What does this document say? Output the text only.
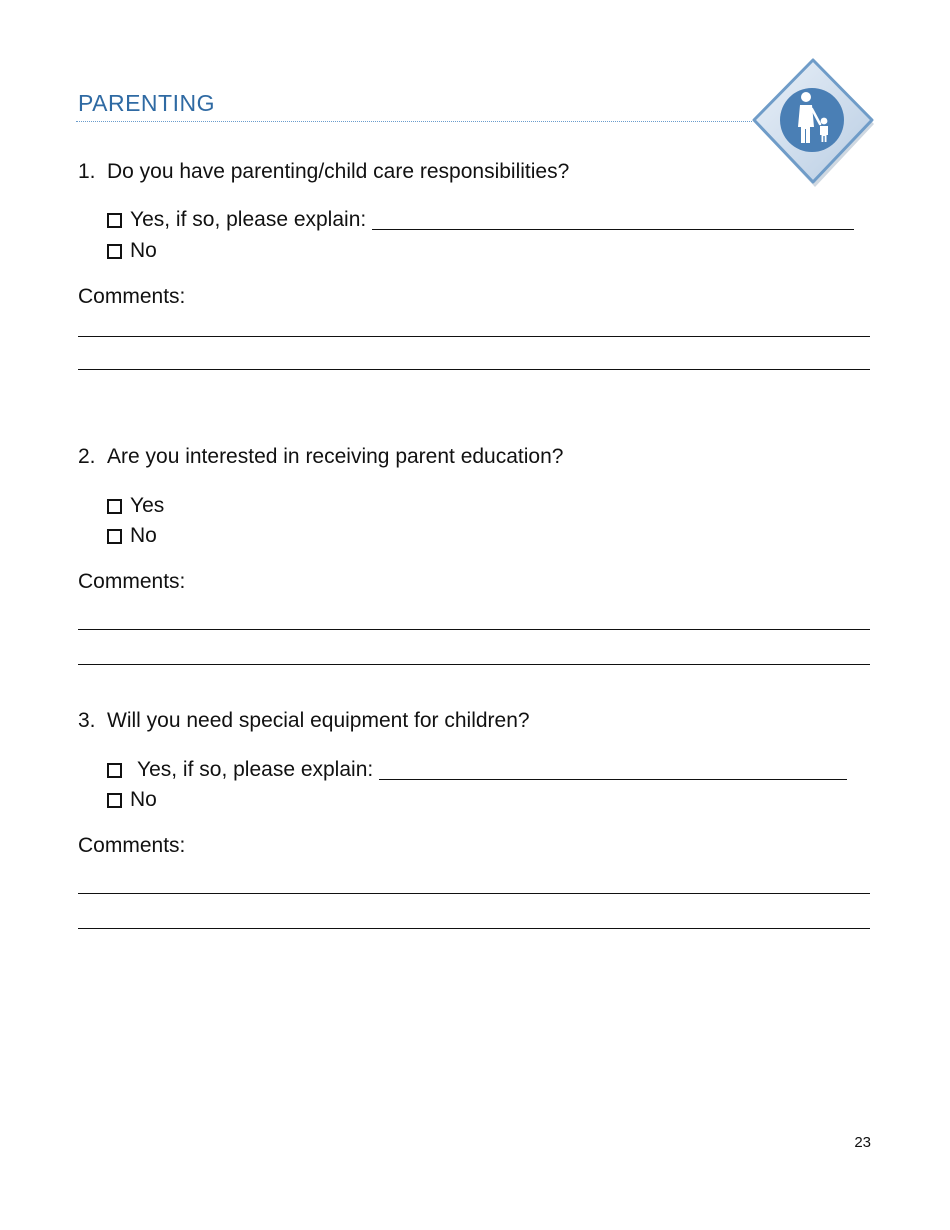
PARENTING
1. Do you have parenting/child care responsibilities?
Yes, if so, please explain:
No
Comments:
2. Are you interested in receiving parent education?
Yes
No
Comments:
3. Will you need special equipment for children?
Yes, if so, please explain:
No
Comments:
23
